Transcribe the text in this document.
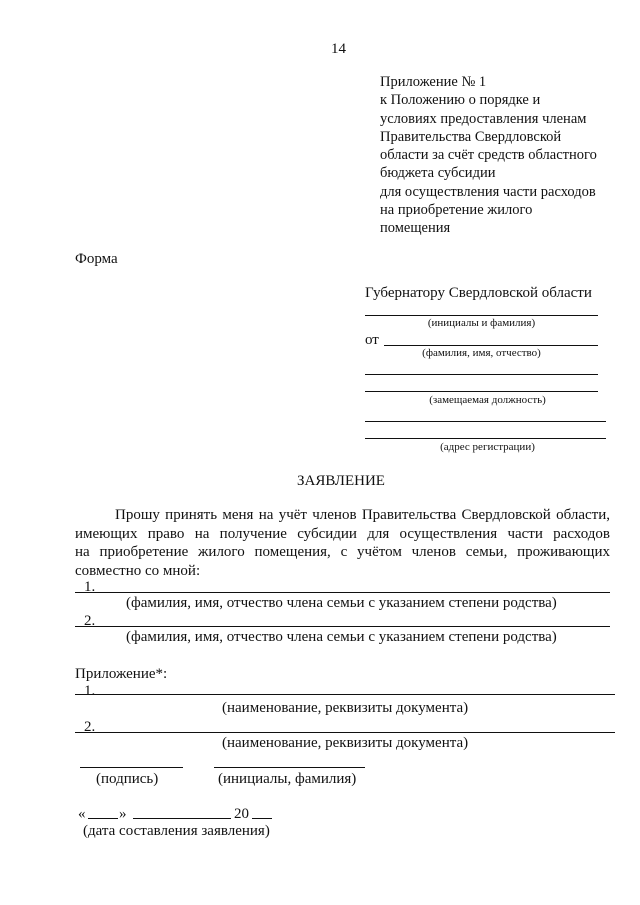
14
Приложение № 1
к Положению о порядке и
условиях предоставления членам
Правительства Свердловской
области за счёт средств областного
бюджета субсидии
для осуществления части расходов
на приобретение жилого
помещения
Форма
Губернатору Свердловской области
(инициалы и фамилия)
от
(фамилия, имя, отчество)
(замещаемая должность)
(адрес регистрации)
ЗАЯВЛЕНИЕ
Прошу принять меня на учёт членов Правительства Свердловской области,
имеющих право на получение субсидии для осуществления части расходов
на приобретение жилого помещения, с учётом членов семьи, проживающих
совместно со мной:
1.
(фамилия, имя, отчество члена семьи с указанием степени родства)
2.
(фамилия, имя, отчество члена семьи с указанием степени родства)
Приложение*:
1.
(наименование, реквизиты документа)
2.
(наименование, реквизиты документа)
(подпись)	(инициалы, фамилия)
« »	20
(дата составления заявления)
